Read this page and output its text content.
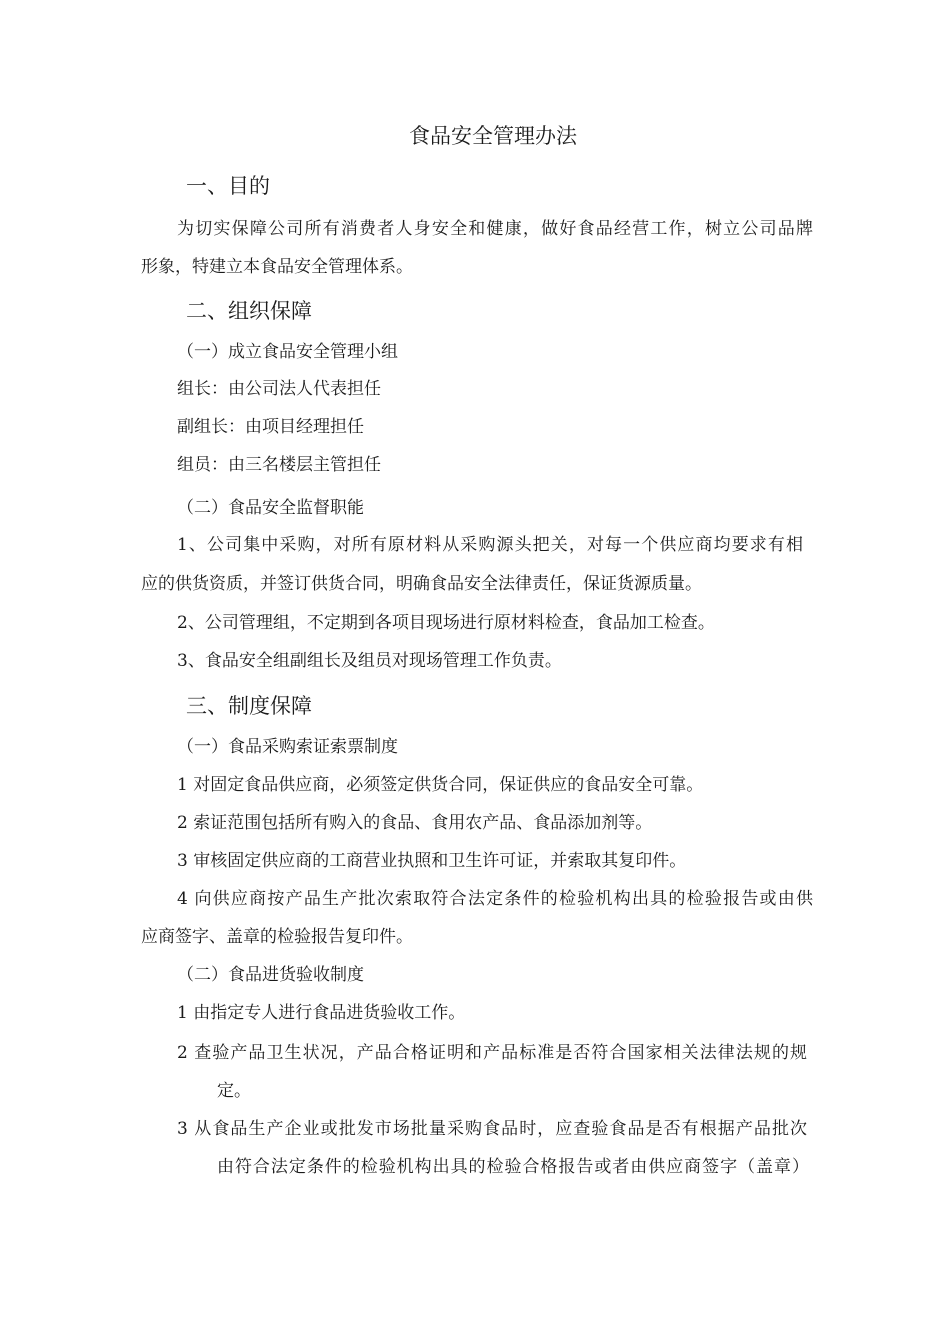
食品安全管理办法
一、目的
为切实保障公司所有消费者人身安全和健康，做好食品经营工作，树立公司品牌
形象，特建立本食品安全管理体系。
二、组织保障
（一）成立食品安全管理小组
组长：由公司法人代表担任
副组长：由项目经理担任
组员：由三名楼层主管担任
（二）食品安全监督职能
1、公司集中采购，对所有原材料从采购源头把关，对每一个供应商均要求有相
应的供货资质，并签订供货合同，明确食品安全法律责任，保证货源质量。
2、公司管理组，不定期到各项目现场进行原材料检查，食品加工检查。
3、食品安全组副组长及组员对现场管理工作负责。
三、制度保障
（一）食品采购索证索票制度
1 对固定食品供应商，必须签定供货合同，保证供应的食品安全可靠。
2 索证范围包括所有购入的食品、食用农产品、食品添加剂等。
3 审核固定供应商的工商营业执照和卫生许可证，并索取其复印件。
4 向供应商按产品生产批次索取符合法定条件的检验机构出具的检验报告或由供
应商签字、盖章的检验报告复印件。
（二）食品进货验收制度
1 由指定专人进行食品进货验收工作。
2 查验产品卫生状况，产品合格证明和产品标准是否符合国家相关法律法规的规
定。
3 从食品生产企业或批发市场批量采购食品时，应查验食品是否有根据产品批次
由符合法定条件的检验机构出具的检验合格报告或者由供应商签字（盖章）
